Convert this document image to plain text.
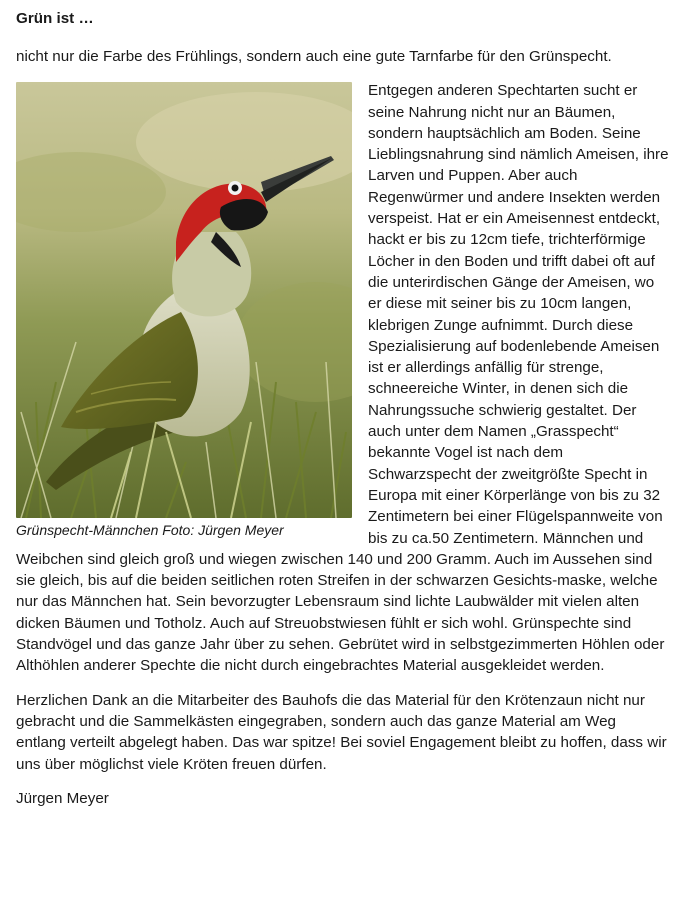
Grün ist …

nicht nur die Farbe des Frühlings, sondern auch eine gute Tarnfarbe für den Grünspecht.

Grünspecht-Männchen Foto: Jürgen Meyer
Entgegen anderen Spechtarten sucht er seine Nahrung nicht nur an Bäumen, sondern hauptsächlich am Boden. Seine Lieblingsnahrung sind nämlich Ameisen, ihre Larven und Puppen. Aber auch Regenwürmer und andere Insekten werden verspeist. Hat er ein Ameisennest entdeckt, hackt er bis zu 12cm tiefe, trichterförmige Löcher in den Boden und trifft dabei oft auf die unterirdischen Gänge der Ameisen, wo er diese mit seiner bis zu 10cm langen, klebrigen Zunge aufnimmt. Durch diese Spezialisierung auf bodenlebende Ameisen ist er allerdings anfällig für strenge, schneereiche Winter, in denen sich die Nahrungssuche schwierig gestaltet. Der auch unter dem Namen „Grasspecht“ bekannte Vogel ist nach dem Schwarzspecht der zweitgrößte Specht in Europa mit einer Körperlänge von bis zu 32 Zentimetern bei einer Flügelspannweite von bis zu ca.50 Zentimetern. Männchen und Weibchen sind gleich groß und wiegen zwischen 140 und 200 Gramm. Auch im Aussehen sind sie gleich, bis auf die beiden seitlichen roten Streifen in der schwarzen Gesichts-maske, welche nur das Männchen hat. Sein bevorzugter Lebensraum sind lichte Laubwälder mit vielen alten dicken Bäumen und Totholz. Auch auf Streuobstwiesen fühlt er sich wohl. Grünspechte sind Standvögel und das ganze Jahr über zu sehen. Gebrütet wird in selbstgezimmerten Höhlen oder Althöhlen anderer Spechte die nicht durch eingebrachtes Material ausgekleidet werden.

Herzlichen Dank an die Mitarbeiter des Bauhofs die das Material für den Krötenzaun nicht nur gebracht und die Sammelkästen eingegraben, sondern auch das ganze Material am Weg entlang verteilt abgelegt haben. Das war spitze! Bei soviel Engagement bleibt zu hoffen, dass wir uns über möglichst viele Kröten freuen dürfen.

Jürgen Meyer
